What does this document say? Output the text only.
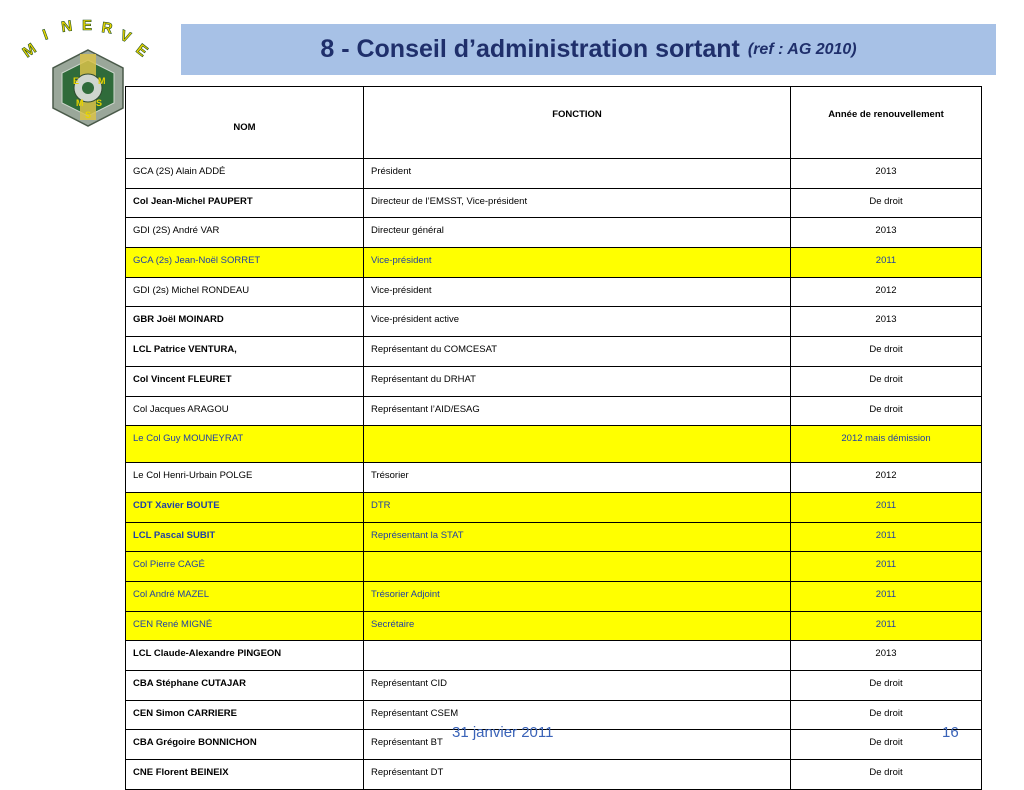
M
I N E R V
E
E M
M S
S
8 - Conseil d’administration sortant (ref : AG 2010)
NOM	FONCTION	Année de renouvellement
GCA (2S) Alain ADDÉ	Président	2013
Col Jean-Michel PAUPERT	Directeur de l’EMSST, Vice-président	De droit
GDI (2S) André VAR	Directeur général	2013
GCA (2s) Jean-Noël SORRET	Vice-président	2011
GDI (2s) Michel RONDEAU	Vice-président	2012
GBR Joël MOINARD	Vice-président active	2013
LCL Patrice VENTURA,	Représentant du COMCESAT	De droit
Col Vincent FLEURET	Représentant du DRHAT	De droit
Col Jacques ARAGOU	Représentant l’AID/ESAG	De droit
Le Col Guy MOUNEYRAT		2012 mais démission
Le Col Henri-Urbain POLGE	Trésorier	2012
CDT Xavier BOUTE	DTR	2011
LCL Pascal SUBIT	Représentant la STAT	2011
Col Pierre CAGÉ		2011
Col André MAZEL	Trésorier Adjoint	2011
CEN René MIGNÉ	Secrétaire	2011
LCL Claude-Alexandre PINGEON		2013
CBA Stéphane CUTAJAR	Représentant CID	De droit
CEN Simon CARRIERE	Représentant CSEM	De droit
CBA Grégoire BONNICHON	Représentant BT	De droit
CNE Florent BEINEIX	Représentant DT	De droit
31 janvier 2011	16
